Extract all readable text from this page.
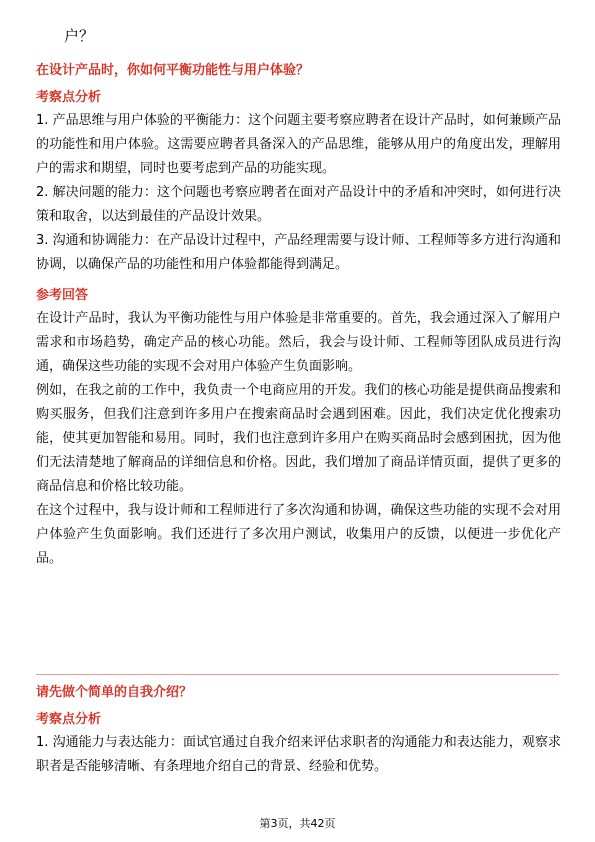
户？

在设计产品时，你如何平衡功能性与用户体验？

考察点分析

1. 产品思维与用户体验的平衡能力：这个问题主要考察应聘者在设计产品时，如何兼顾产品的功能性和用户体验。这需要应聘者具备深入的产品思维，能够从用户的角度出发，理解用户的需求和期望，同时也要考虑到产品的功能实现。

2. 解决问题的能力：这个问题也考察应聘者在面对产品设计中的矛盾和冲突时，如何进行决策和取舍，以达到最佳的产品设计效果。

3. 沟通和协调能力：在产品设计过程中，产品经理需要与设计师、工程师等多方进行沟通和协调，以确保产品的功能性和用户体验都能得到满足。

参考回答

在设计产品时，我认为平衡功能性与用户体验是非常重要的。首先，我会通过深入了解用户需求和市场趋势，确定产品的核心功能。然后，我会与设计师、工程师等团队成员进行沟通，确保这些功能的实现不会对用户体验产生负面影响。

例如，在我之前的工作中，我负责一个电商应用的开发。我们的核心功能是提供商品搜索和购买服务，但我们注意到许多用户在搜索商品时会遇到困难。因此，我们决定优化搜索功能，使其更加智能和易用。同时，我们也注意到许多用户在购买商品时会感到困扰，因为他们无法清楚地了解商品的详细信息和价格。因此，我们增加了商品详情页面，提供了更多的商品信息和价格比较功能。

在这个过程中，我与设计师和工程师进行了多次沟通和协调，确保这些功能的实现不会对用户体验产生负面影响。我们还进行了多次用户测试，收集用户的反馈，以便进一步优化产品。

请先做个简单的自我介绍？

考察点分析

1. 沟通能力与表达能力：面试官通过自我介绍来评估求职者的沟通能力和表达能力，观察求职者是否能够清晰、有条理地介绍自己的背景、经验和优势。

第3页，共42页
